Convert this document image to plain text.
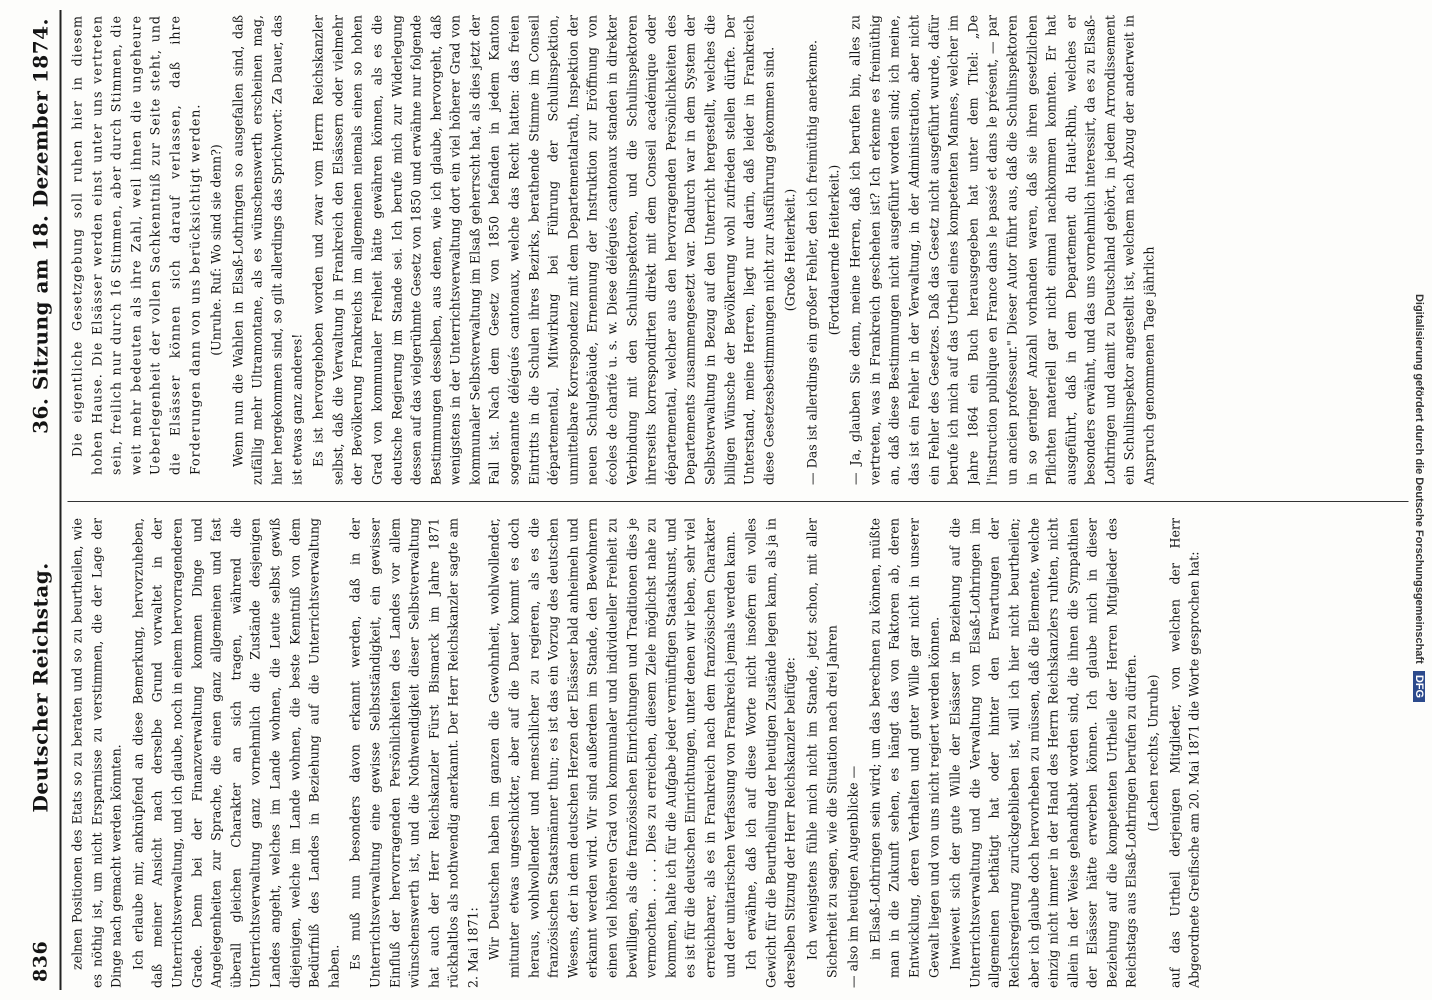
836
Deutscher Reichstag.
36. Sitzung am 18. Dezember 1874.

zelnen Positionen des Etats so zu beraten und so zu beurtheilen, wie es nöthig ist, um nicht Ersparnisse zu verstimmen, die der Lage der Dinge nach gemacht werden könnten. Ich erlaube mir, anknüpfend an diese Bemerkung, hervorzuheben, daß meiner Ansicht nach derselbe Grund vorwaltet in der Unterrichtsverwaltung, und ich glaube, noch in einem hervorragenderen Grade. Denn bei der Finanzverwaltung kommen Dinge und Angelegenheiten zur Sprache, die einen ganz allgemeinen und fast überall gleichen Charakter an sich tragen, während die Unterrichtsverwaltung ganz vornehmlich die Zustände desjenigen Landes angeht, welches im Lande wohnen, die Leute selbst gewiß diejenigen, welche im Lande wohnen, die beste Kenntniß von dem Bedürfniß des Landes in Beziehung auf die Unterrichtsverwaltung haben. Es muß nun besonders davon erkannt werden, daß in der Unterrichtsverwaltung eine gewisse Selbstständigkeit, ein gewisser Einfluß der hervorragenden Persönlichkeiten des Landes vor allem wünschenswerth ist, und die Nothwendigkeit dieser Selbstverwaltung hat auch der Herr Reichskanzler Fürst Bismarck im Jahre 1871 rückhaltlos als nothwendig anerkannt. Der Herr Reichskanzler sagte am 2. Mai 1871: Wir Deutschen haben im ganzen die Gewohnheit, wohlwollender, mitunter etwas ungeschickter, aber auf die Dauer kommt es doch heraus, wohlwollender und menschlicher zu regieren, als es die französischen Staatsmänner thun; es ist das ein Vorzug des deutschen Wesens, der in dem deutschen Herzen der Elsässer bald anheimeln und erkannt werden wird. Wir sind außerdem im Stande, den Bewohnern einen viel höheren Grad von kommunaler und individueller Freiheit zu bewilligen, als die französischen Einrichtungen und Traditionen dies je vermochten. . . . . Dies zu erreichen, diesem Ziele möglichst nahe zu kommen, halte ich für die Aufgabe jeder vernünftigen Staatskunst, und es ist für die deutschen Einrichtungen, unter denen wir leben, sehr viel erreichbarer, als es in Frankreich nach dem französischen Charakter und der unitarischen Verfassung von Frankreich jemals werden kann. Ich erwähne, daß ich auf diese Worte nicht insofern ein volles Gewicht für die Beurtheilung der heutigen Zustände legen kann, als ja in derselben Sitzung der Herr Reichskanzler beifügte: Ich wenigstens fühle mich nicht im Stande, jetzt schon, mit aller Sicherheit zu sagen, wie die Situation nach drei Jahren — also im heutigen Augenblicke — in Elsaß-Lothringen sein wird; um das berechnen zu können, müßte man in die Zukunft sehen, es hängt das von Faktoren ab, deren Entwicklung, deren Verhalten und guter Wille gar nicht in unserer Gewalt liegen und von uns nicht regiert werden können. Inwieweit sich der gute Wille der Elsässer in Beziehung auf die Unterrichtsverwaltung und die Verwaltung von Elsaß-Lothringen im allgemeinen bethätigt hat oder hinter den Erwartungen der Reichsregierung zurückgeblieben ist, will ich hier nicht beurtheilen; aber ich glaube doch hervorheben zu müssen, daß die Elemente, welche einzig nicht immer in der Hand des Herrn Reichskanzlers ruhten, nicht allein in der Weise gehandhabt worden sind, die ihnen die Sympathien der Elsässer hätte erwerben können. Ich glaube mich in dieser Beziehung auf die kompetenten Urtheile der Herren Mitglieder des Reichstags aus Elsaß-Lothringen berufen zu dürfen. (Lachen rechts, Unruhe) auf das Urtheil derjenigen Mitglieder, von welchen der Herr Abgeordnete Greifische am 20. Mai 1871 die Worte gesprochen hat:

Die eigentliche Gesetzgebung soll ruhen hier in diesem hohen Hause. Die Elsässer werden einst unter uns vertreten sein, freilich nur durch 16 Stimmen, aber durch Stimmen, die weit mehr bedeuten als ihre Zahl, weil ihnen die ungeheure Ueberlegenheit der vollen Sachkenntniß zur Seite steht, und die Elsässer können sich darauf verlassen, daß ihre Forderungen dann von uns berücksichtigt werden. (Unruhe. Ruf: Wo sind sie denn?) Wenn nun die Wahlen in Elsaß-Lothringen so ausgefallen sind, daß zufällig mehr Ultramontane, als es wünschenswerth erscheinen mag, hier hergekommen sind, so gilt allerdings das Sprichwort: Za Dauer, das ist etwas ganz anderes! Es ist hervorgehoben worden und zwar vom Herrn Reichskanzler selbst, daß die Verwaltung in Frankreich den Elsässern oder vielmehr der Bevölkerung Frankreichs im allgemeinen niemals einen so hohen Grad von kommunaler Freiheit hätte gewähren können, als es die deutsche Regierung im Stande sei. Ich berufe mich zur Widerlegung dessen auf das vielgerühmte Gesetz von 1850 und erwähne nur folgende Bestimmungen desselben, aus denen, wie ich glaube, hervorgeht, daß wenigstens in der Unterrichtsverwaltung dort ein viel höherer Grad von kommunaler Selbstverwaltung im Elsaß geherrscht hat, als dies jetzt der Fall ist. Nach dem Gesetz von 1850 befanden in jedem Kanton sogenannte délégués cantonaux, welche das Recht hatten: das freien Eintritts in die Schulen ihres Bezirks, berathende Stimme im Conseil départemental, Mitwirkung bei Führung der Schulinspektion, unmittelbare Korrespondenz mit dem Departementalrath, Inspektion der neuen Schulgebäude, Ernennung der Instruktion zur Eröffnung von écoles de charité u. s. w. Diese délégués cantonaux standen in direkter Verbindung mit den Schulinspektoren, und die Schulinspektoren ihrerseits korrespondirten direkt mit dem Conseil académique oder départemental, welcher aus den hervorragenden Persönlichkeiten des Departements zusammengesetzt war. Dadurch war in dem System der Selbstverwaltung in Bezug auf den Unterricht hergestellt, welches die billigen Wünsche der Bevölkerung wohl zufrieden stellen dürfte. Der Unterstand, meine Herren, liegt nur darin, daß leider in Frankreich diese Gesetzesbestimmungen nicht zur Ausführung gekommen sind. (Große Heiterkeit.) — Das ist allerdings ein großer Fehler, den ich freimüthig anerkenne. (Fortdauernde Heiterkeit.) — Ja, glauben Sie denn, meine Herren, daß ich berufen bin, alles zu vertreten, was in Frankreich geschehen ist? Ich erkenne es freimüthig an, daß diese Bestimmungen nicht ausgeführt worden sind; ich meine, das ist ein Fehler in der Verwaltung, in der Administration, aber nicht ein Fehler des Gesetzes. Daß das Gesetz nicht ausgeführt wurde, dafür berufe ich mich auf das Urtheil eines kompetenten Mannes, welcher im Jahre 1864 ein Buch herausgegeben hat unter dem Titel: „De l'instruction publique en France dans le passé et dans le présent, — par un ancien professeur." Dieser Autor führt aus, daß die Schulinspektoren in so geringer Anzahl vorhanden waren, daß sie ihren gesetzlichen Pflichten materiell gar nicht einmal nachkommen konnten. Er hat ausgeführt, daß in dem Departement du Haut-Rhin, welches er besonders erwähnt, und das uns vornehmlich interessirt, da es zu Elsaß-Lothringen und damit zu Deutschland gehört, in jedem Arrondissement ein Schulinspektor angestellt ist, welchem nach Abzug der anderweit in Anspruch genommenen Tage jährlich	Digitalisierung gefördert durch die Deutsche Forschungsgemeinschaft DFG
